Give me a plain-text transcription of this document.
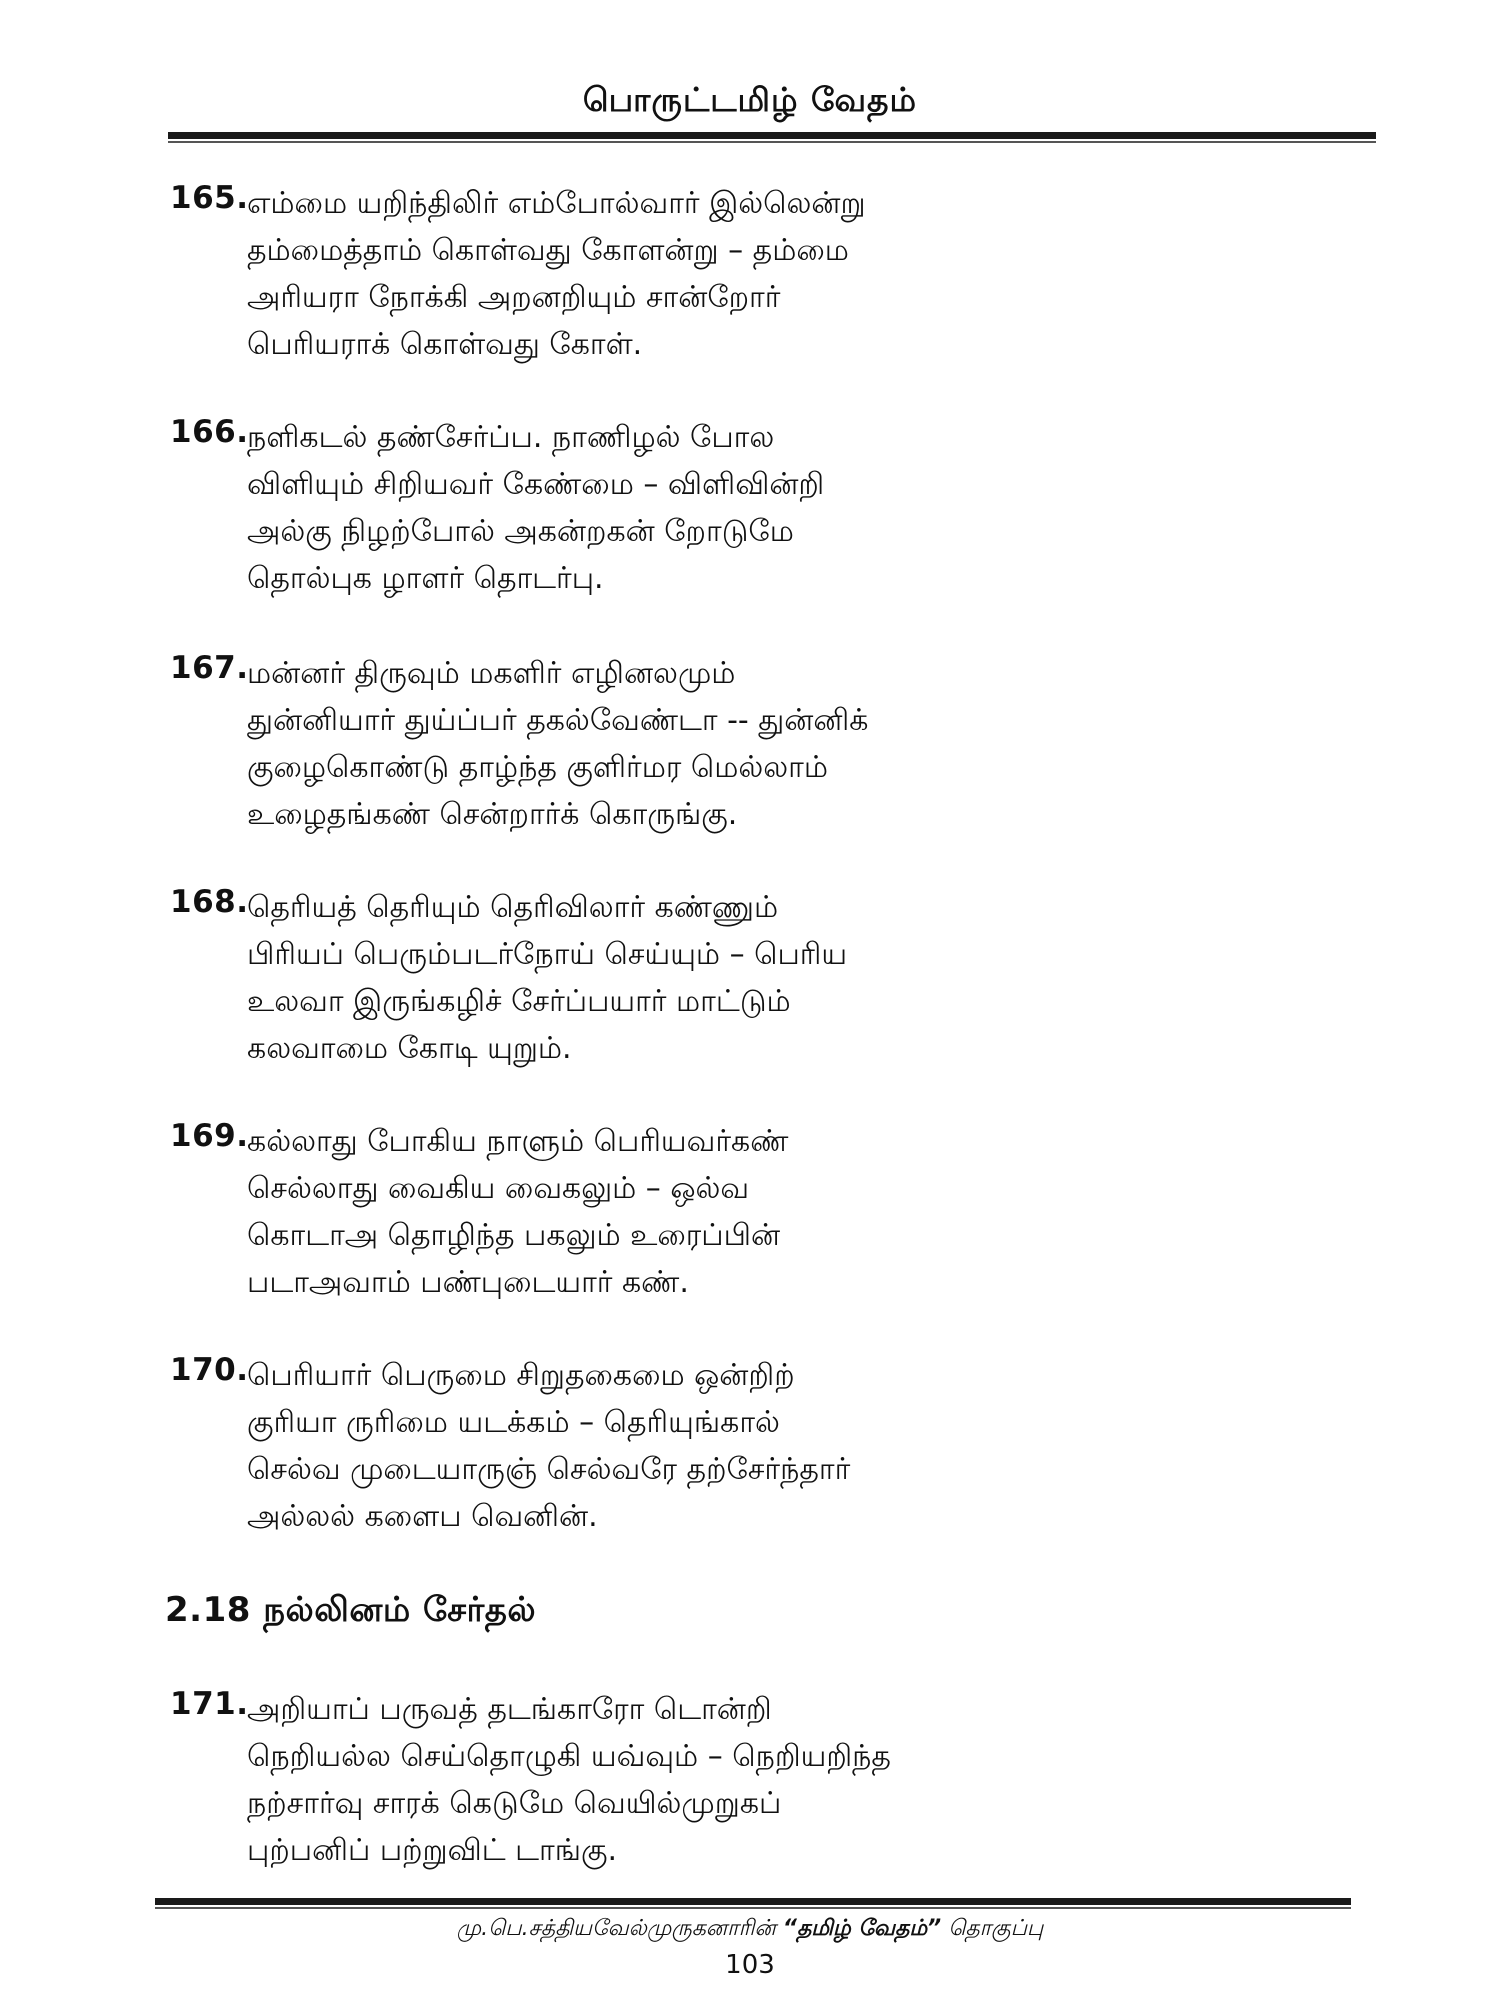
பொருட்டமிழ் வேதம்
165.
எம்மை யறிந்திலிர் எம்போல்வார் இல்லென்று
தம்மைத்தாம் கொள்வது கோளன்று – தம்மை
அரியரா நோக்கி அறனறியும் சான்றோர்
பெரியராக் கொள்வது கோள்.
166.
நளிகடல் தண்சேர்ப்ப. நாணிழல் போல
விளியும் சிறியவர் கேண்மை – விளிவின்றி
அல்கு நிழற்போல் அகன்றகன் றோடுமே
தொல்புக ழாளர் தொடர்பு.
167.
மன்னர் திருவும் மகளிர் எழினலமும்
துன்னியார் துய்ப்பர் தகல்வேண்டா -- துன்னிக்
குழைகொண்டு தாழ்ந்த குளிர்மர மெல்லாம்
உழைதங்கண் சென்றார்க் கொருங்கு.
168.
தெரியத் தெரியும் தெரிவிலார் கண்ணும்
பிரியப் பெரும்படர்நோய் செய்யும் – பெரிய
உலவா இருங்கழிச் சேர்ப்பயார் மாட்டும்
கலவாமை கோடி யுறும்.
169.
கல்லாது போகிய நாளும் பெரியவர்கண்
செல்லாது வைகிய வைகலும் – ஒல்வ
கொடாஅ தொழிந்த பகலும் உரைப்பின்
படாஅவாம் பண்புடையார் கண்.
170.
பெரியார் பெருமை சிறுதகைமை ஒன்றிற்
குரியா ருரிமை யடக்கம் – தெரியுங்கால்
செல்வ முடையாருஞ் செல்வரே தற்சேர்ந்தார்
அல்லல் களைப வெனின்.
2.18 நல்லினம் சேர்தல்
171.
அறியாப் பருவத் தடங்காரோ டொன்றி
நெறியல்ல செய்தொழுகி யவ்வும் – நெறியறிந்த
நற்சார்வு சாரக் கெடுமே வெயில்முறுகப்
புற்பனிப் பற்றுவிட் டாங்கு.
மு.பெ.சத்தியவேல்முருகனாரின் “தமிழ் வேதம்” தொகுப்பு
103
